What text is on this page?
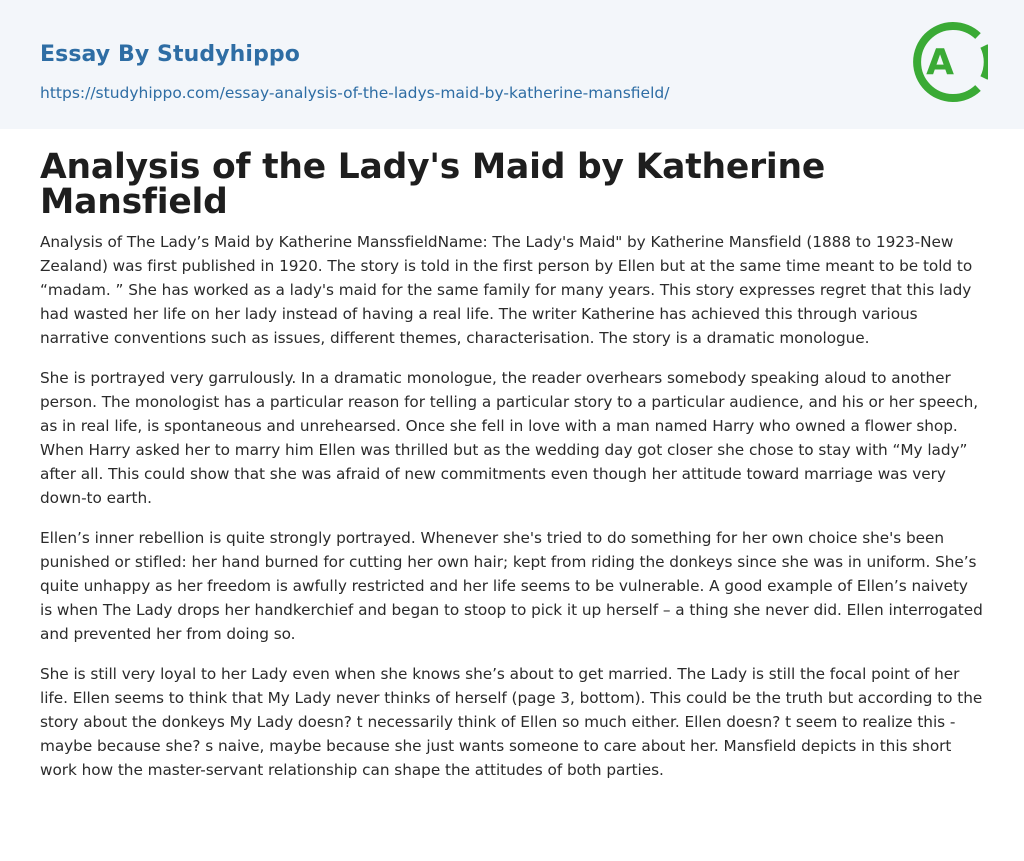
Essay By Studyhippo
https://studyhippo.com/essay-analysis-of-the-ladys-maid-by-katherine-mansfield/
A
Analysis of the Lady's Maid by Katherine Mansfield

Analysis of The Lady’s Maid by Katherine ManssfieldName: The Lady's Maid" by Katherine Mansfield (1888 to 1923-New Zealand) was first published in 1920. The story is told in the first person by Ellen but at the same time meant to be told to “madam. ” She has worked as a lady's maid for the same family for many years. This story expresses regret that this lady had wasted her life on her lady instead of having a real life. The writer Katherine has achieved this through various narrative conventions such as issues, different themes, characterisation. The story is a dramatic monologue.

She is portrayed very garrulously. In a dramatic monologue, the reader overhears somebody speaking aloud to another person. The monologist has a particular reason for telling a particular story to a particular audience, and his or her speech, as in real life, is spontaneous and unrehearsed. Once she fell in love with a man named Harry who owned a flower shop. When Harry asked her to marry him Ellen was thrilled but as the wedding day got closer she chose to stay with “My lady” after all. This could show that she was afraid of new commitments even though her attitude toward marriage was very down-to earth.

Ellen’s inner rebellion is quite strongly portrayed. Whenever she's tried to do something for her own choice she's been punished or stifled: her hand burned for cutting her own hair; kept from riding the donkeys since she was in uniform. She’s quite unhappy as her freedom is awfully restricted and her life seems to be vulnerable. A good example of Ellen’s naivety is when The Lady drops her handkerchief and began to stoop to pick it up herself – a thing she never did. Ellen interrogated and prevented her from doing so.

She is still very loyal to her Lady even when she knows she’s about to get married. The Lady is still the focal point of her life. Ellen seems to think that My Lady never thinks of herself (page 3, bottom). This could be the truth but according to the story about the donkeys My Lady doesn? t necessarily think of Ellen so much either. Ellen doesn? t seem to realize this - maybe because she? s naive, maybe because she just wants someone to care about her. Mansfield depicts in this short work how the master-servant relationship can shape the attitudes of both parties.
